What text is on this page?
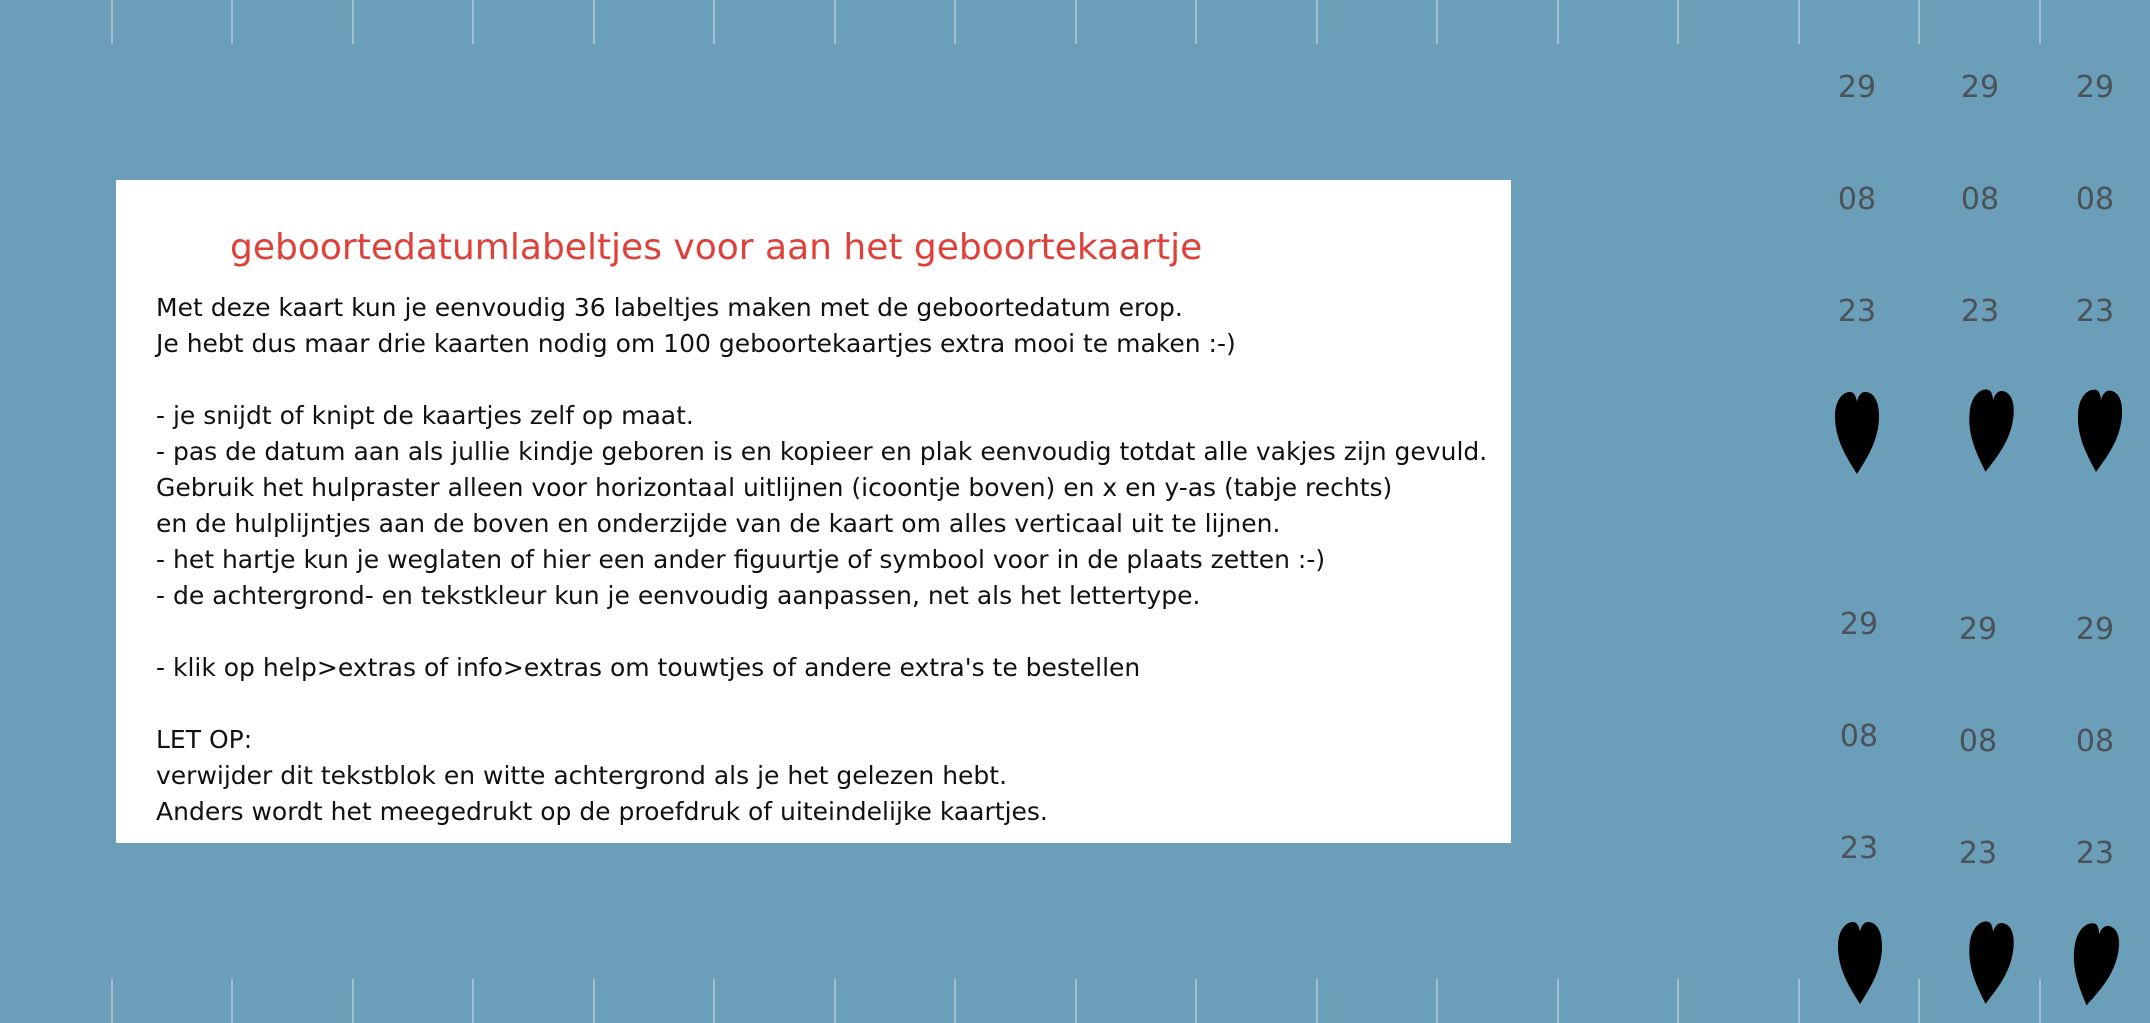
geboortedatumlabeltjes voor aan het geboortekaartje
Met deze kaart kun je eenvoudig 36 labeltjes maken met de geboortedatum erop.
Je hebt dus maar drie kaarten nodig om 100 geboortekaartjes extra mooi te maken :-)
- je snijdt of knipt de kaartjes zelf op maat.
- pas de datum aan als jullie kindje geboren is en kopieer en plak eenvoudig totdat alle vakjes zijn gevuld.
Gebruik het hulpraster alleen voor horizontaal uitlijnen (icoontje boven) en x en y-as (tabje rechts)
en de hulplijntjes aan de boven en onderzijde van de kaart om alles verticaal uit te lijnen.
- het hartje kun je weglaten of hier een ander figuurtje of symbool voor in de plaats zetten :-)
- de achtergrond- en tekstkleur kun je eenvoudig aanpassen, net als het lettertype.
- klik op help>extras of info>extras om touwtjes of andere extra's te bestellen
LET OP:
verwijder dit tekstblok en witte achtergrond als je het gelezen hebt.
Anders wordt het meegedrukt op de proefdruk of uiteindelijke kaartjes.
29
08
23
29
08
23
29
08
23
29
08
23
29
08
23
29
08
23
